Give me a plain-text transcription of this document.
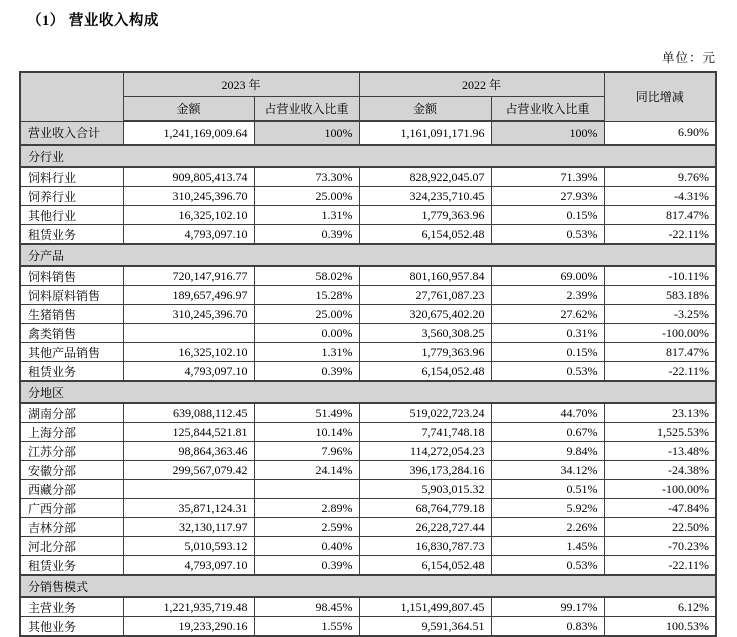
（1） 营业收入构成
单位：元
	2023 年		2022 年		同比增减
	金额	占营业收入比重	金额	占营业收入比重	
营业收入合计	1,241,169,009.64	100%	1,161,091,171.96	100%	6.90%
分行业					
饲料行业	909,805,413.74	73.30%	828,922,045.07	71.39%	9.76%
饲养行业	310,245,396.70	25.00%	324,235,710.45	27.93%	-4.31%
其他行业	16,325,102.10	1.31%	1,779,363.96	0.15%	817.47%
租赁业务	4,793,097.10	0.39%	6,154,052.48	0.53%	-22.11%
分产品					
饲料销售	720,147,916.77	58.02%	801,160,957.84	69.00%	-10.11%
饲料原料销售	189,657,496.97	15.28%	27,761,087.23	2.39%	583.18%
生猪销售	310,245,396.70	25.00%	320,675,402.20	27.62%	-3.25%
禽类销售		0.00%	3,560,308.25	0.31%	-100.00%
其他产品销售	16,325,102.10	1.31%	1,779,363.96	0.15%	817.47%
租赁业务	4,793,097.10	0.39%	6,154,052.48	0.53%	-22.11%
分地区					
湖南分部	639,088,112.45	51.49%	519,022,723.24	44.70%	23.13%
上海分部	125,844,521.81	10.14%	7,741,748.18	0.67%	1,525.53%
江苏分部	98,864,363.46	7.96%	114,272,054.23	9.84%	-13.48%
安徽分部	299,567,079.42	24.14%	396,173,284.16	34.12%	-24.38%
西藏分部			5,903,015.32	0.51%	-100.00%
广西分部	35,871,124.31	2.89%	68,764,779.18	5.92%	-47.84%
吉林分部	32,130,117.97	2.59%	26,228,727.44	2.26%	22.50%
河北分部	5,010,593.12	0.40%	16,830,787.73	1.45%	-70.23%
租赁业务	4,793,097.10	0.39%	6,154,052.48	0.53%	-22.11%
分销售模式					
主营业务	1,221,935,719.48	98.45%	1,151,499,807.45	99.17%	6.12%
其他业务	19,233,290.16	1.55%	9,591,364.51	0.83%	100.53%
